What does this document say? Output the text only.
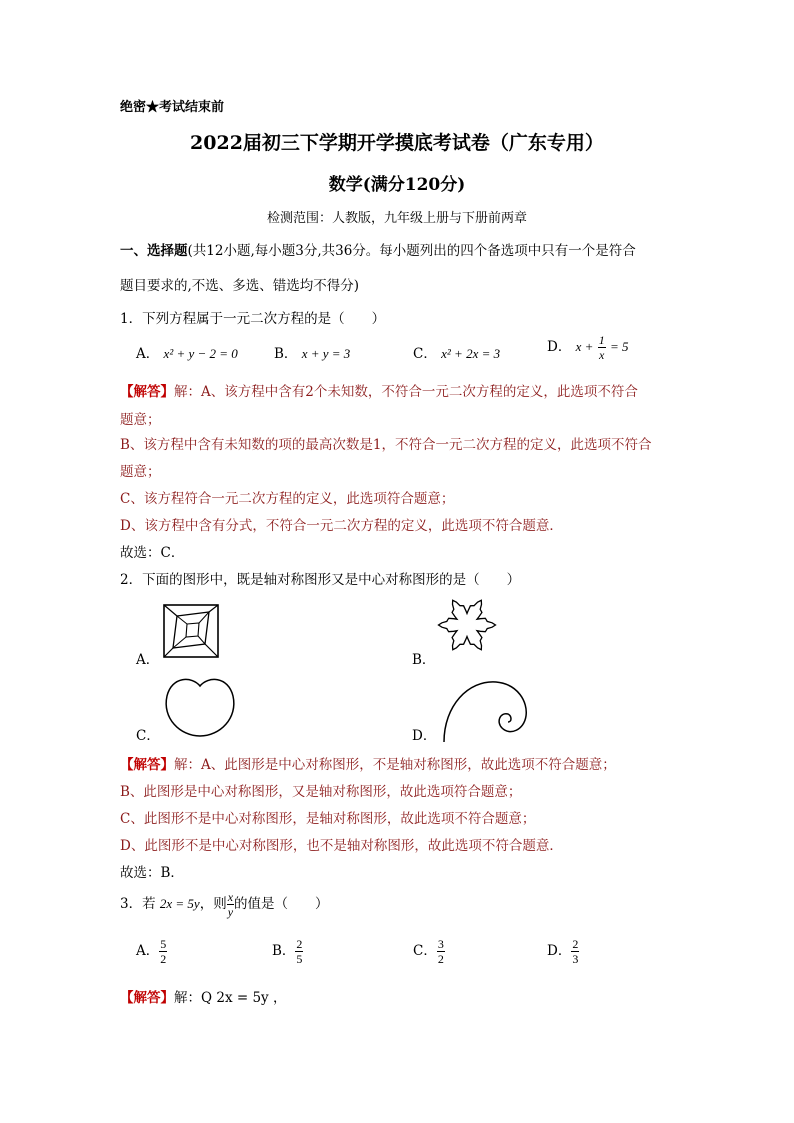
绝密★考试结束前
2022届初三下学期开学摸底考试卷（广东专用）
数学(满分120分)
检测范围：人教版，九年级上册与下册前两章
一、选择题(共12小题,每小题3分,共36分。每小题列出的四个备选项中只有一个是符合
题目要求的,不选、多选、错选均不得分)
1．下列方程属于一元二次方程的是（　　）
A． x² + y − 2 = 0	B． x + y = 3	C． x² + 2x = 3	D． $x + \frac{1}{x} = 5$
【解答】解：A、该方程中含有2个未知数，不符合一元二次方程的定义，此选项不符合
题意；
B、该方程中含有未知数的项的最高次数是1，不符合一元二次方程的定义，此选项不符合
题意；
C、该方程符合一元二次方程的定义，此选项符合题意；
D、该方程中含有分式，不符合一元二次方程的定义，此选项不符合题意．
故选：C．
2．下面的图形中，既是轴对称图形又是中心对称图形的是（　　）
A．	B．
C．	D．
【解答】解：A、此图形是中心对称图形，不是轴对称图形，故此选项不符合题意；
B、此图形是中心对称图形，又是轴对称图形，故此选项符合题意；
C、此图形不是中心对称图形，是轴对称图形，故此选项不符合题意；
D、此图形不是中心对称图形，也不是轴对称图形，故此选项不符合题意．
故选：B．
3．若 2x = 5y，则 $\frac{x}{y}$ 的值是（　　）
A． $\frac{5}{2}$	B． $\frac{2}{5}$	C． $\frac{3}{2}$	D． $\frac{2}{3}$
【解答】解：Q 2x = 5y ，
